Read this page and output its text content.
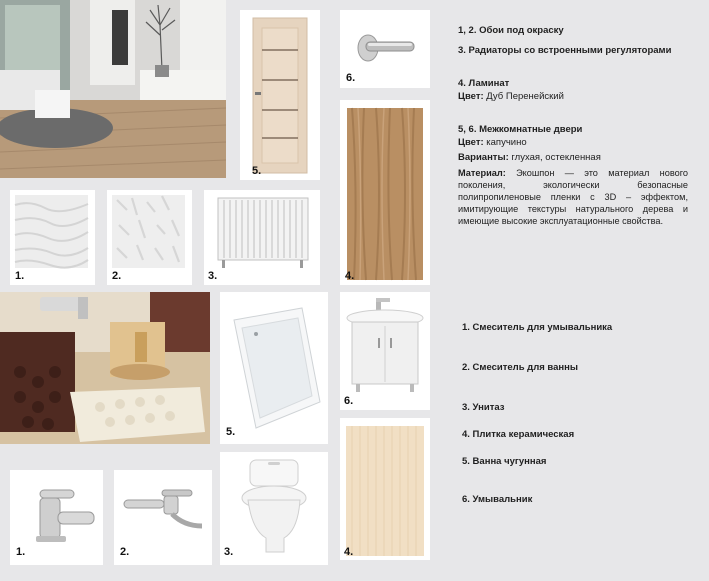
5.
6.
4.
1.	2.	3.
5.
6.
4.
1.	2.	3.
1, 2. Обои под окраску
3. Радиаторы со встроенными регуляторами
4. Ламинат
Цвет: Дуб Перенейский
5, 6. Межкомнатные двери
Цвет: капучино
Варианты: глухая, остекленная
Материал: Экошпон — это материал нового поколения, экологически безопасные полипропиленовые пленки с 3D – эффектом, имитирующие текстуры натурального дерева и имеющие высокие эксплуатационные свойства.
1. Смеситель для умывальника
2. Смеситель для ванны
3. Унитаз
4. Плитка керамическая
5. Ванна чугунная
6. Умывальник
